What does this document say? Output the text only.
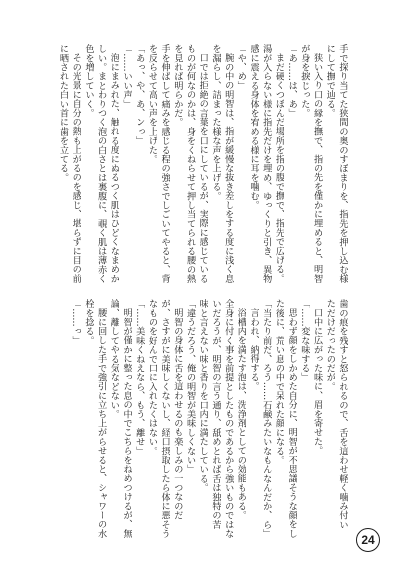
手で探り当てた狭間の奥のすぼまりを、指先を押し込む様
にして撫で辿る。
狭い入り口の縁を撫で、指の先を僅かに埋めると、明智
が身を捩じった。
「あ……は、あ」
まだ硬くつぼんだ場所を指の腹で撫で、指先で広げる。
湯が入らない様に指先だけを埋め、ゆっくりと引き、異物
感に震える身体を宥める様に耳を噛む。
「や、め」
腕の中の明智は、指が緩慢な抜き差しをする度に浅く息
を漏らし、詰まった様な声を上げる。
口では拒絶の言葉を口にしているが、実際に感じている
ものが何なのかは、身をくねらせて押し当てられる腰の熱
を見れば明らかだ。
手を伸ばして痛みを感じる程の強さでしごいてやると、背
を反らせて高い声を上げた。
「あっ、や、あ、ンっ」
「……いい声」
泡にまみれた、触れる度にぬるつく肌はひどくなまめか
しい。まとわりつく泡の白さとは裏腹に、覗く肌は薄赤く
色を増していく。
その光景に自分の熱も上がるのを感じ、堪らずに目の前
に晒された白い首に歯を立てる。
歯の痕を残すと怒られるので、舌を這わせ軽く噛み付い
ただけだったのだが。
口中に広がった味に、眉を寄せた。
「……変な味する」
思わず顔をしかめた自分に、明智が不思議そうな顔をし
た後に、荒い息の中で呆れた顔になる。
「当たり前だ、ろう……石鹸みたいなもんなんだか、ら」
言われ、納得する。
浴槽内を満たす泡は、洗浄剤としての効能もある。
全身に付く事を前提としたものであるから強いものではな
いだろうが、明智の言う通り、舐めとれば舌は独特の苦
味と言えない味と香りを口内に満たしている。
「違うだろう、俺の明智が美味しくない」
明智の身体に舌を這わせるのも楽しみの一つなのだ
が、さすがに美味しくないし、経口摂取したら体に悪そう
なものを好んで口に入れたくはない。
「……美味くねえなら、もう、離せ」
明智が僅かに整った息の中でこちらをねめつけるが、無
論、離してやる気などない。
腰に回した手で強引に立ち上がらせると、シャワーの水
栓を捻る。
「……っ」
24
